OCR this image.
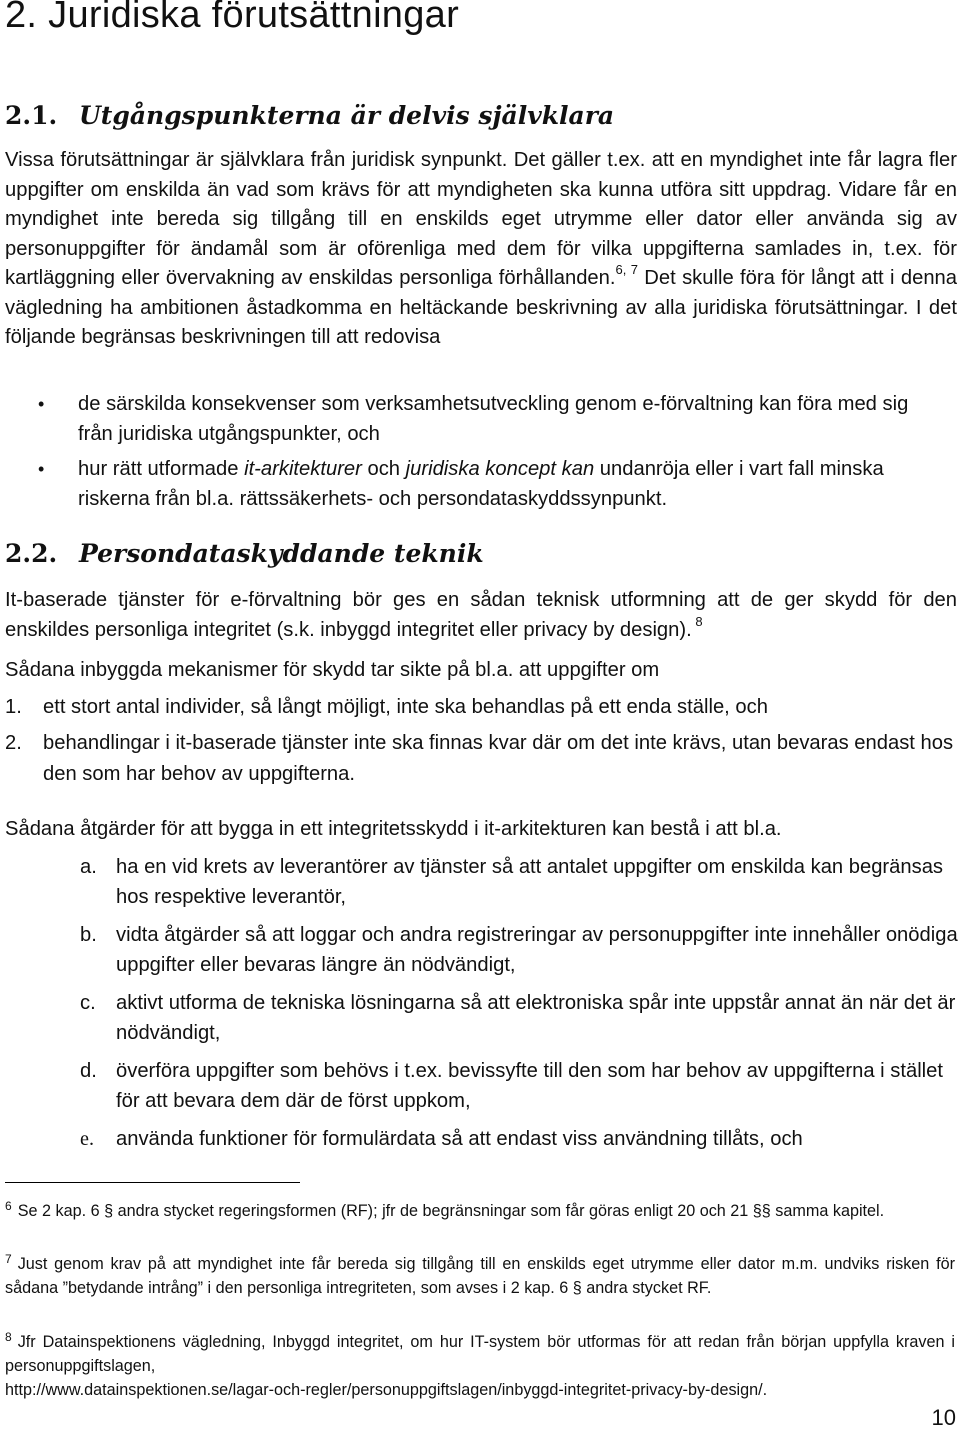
2. Juridiska förutsättningar
2.1. Utgångspunkterna är delvis självklara

Vissa förutsättningar är självklara från juridisk synpunkt. Det gäller t.ex. att en myndighet inte får lagra fler uppgifter om enskilda än vad som krävs för att myndigheten ska kunna utföra sitt uppdrag. Vidare får en myndighet inte bereda sig tillgång till en enskilds eget utrymme eller dator eller använda sig av personuppgifter för ändamål som är oförenliga med dem för vilka uppgifterna samlades in, t.ex. för kartläggning eller övervakning av enskildas personliga förhållanden.$^{6, 7}$ Det skulle föra för långt att i denna vägledning ha ambitionen åstadkomma en heltäckande beskrivning av alla juridiska förutsättningar. I det följande begränsas beskrivningen till att redovisa

• de särskilda konsekvenser som verksamhetsutveckling genom e-förvaltning kan föra med sig från juridiska utgångspunkter, och
• hur rätt utformade it-arkitekturer och juridiska koncept kan undanröja eller i vart fall minska riskerna från bl.a. rättssäkerhets- och persondataskyddssynpunkt.
2.2. Persondataskyddande teknik

It-baserade tjänster för e-förvaltning bör ges en sådan teknisk utformning att de ger skydd för den enskildes personliga integritet (s.k. inbyggd integritet eller privacy by design). $^8$

Sådana inbyggda mekanismer för skydd tar sikte på bl.a. att uppgifter om

1. ett stort antal individer, så långt möjligt, inte ska behandlas på ett enda ställe, och
2. behandlingar i it-baserade tjänster inte ska finnas kvar där om det inte krävs, utan bevaras endast hos den som har behov av uppgifterna.

Sådana åtgärder för att bygga in ett integritetsskydd i it-arkitekturen kan bestå i att bl.a.

a. ha en vid krets av leverantörer av tjänster så att antalet uppgifter om enskilda kan begränsas hos respektive leverantör,
b. vidta åtgärder så att loggar och andra registreringar av personuppgifter inte innehåller onödiga uppgifter eller bevaras längre än nödvändigt,
c. aktivt utforma de tekniska lösningarna så att elektroniska spår inte uppstår annat än när det är nödvändigt,
d. överföra uppgifter som behövs i t.ex. bevissyfte till den som har behov av uppgifterna i stället för att bevara dem där de först uppkom,
e. använda funktioner för formulärdata så att endast viss användning tillåts, och

$^6$ Se 2 kap. 6 § andra stycket regeringsformen (RF); jfr de begränsningar som får göras enligt 20 och 21 §§ samma kapitel.

$^7$ Just genom krav på att myndighet inte får bereda sig tillgång till en enskilds eget utrymme eller dator m.m. undviks risken för sådana ”betydande intrång” i den personliga intregriteten, som avses i 2 kap. 6 § andra stycket RF.

$^8$ Jfr Datainspektionens vägledning, Inbyggd integritet, om hur IT-system bör utformas för att redan från början uppfylla kraven i personuppgiftslagen,

http://www.datainspektionen.se/lagar-och-regler/personuppgiftslagen/inbyggd-integritet-privacy-by-design/.

10
